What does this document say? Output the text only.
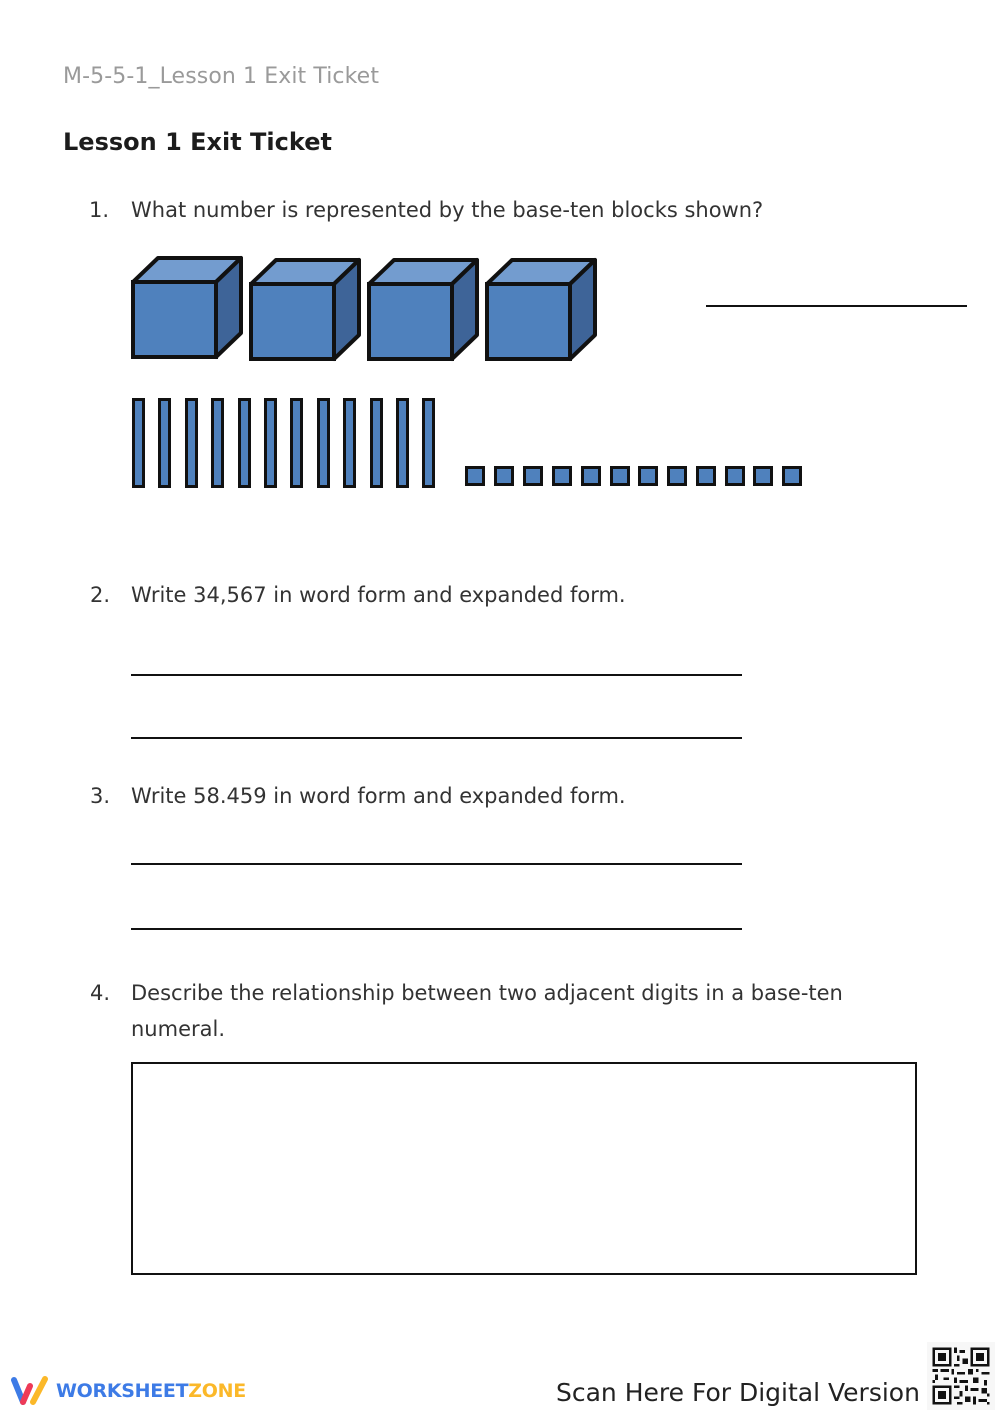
M-5-5-1_Lesson 1 Exit Ticket
Lesson 1 Exit Ticket
1. What number is represented by the base-ten blocks shown?
2. Write 34,567 in word form and expanded form.
3. Write 58.459 in word form and expanded form.
4. Describe the relationship between two adjacent digits in a base-ten numeral.
WORKSHEETZONE	Scan Here For Digital Version
